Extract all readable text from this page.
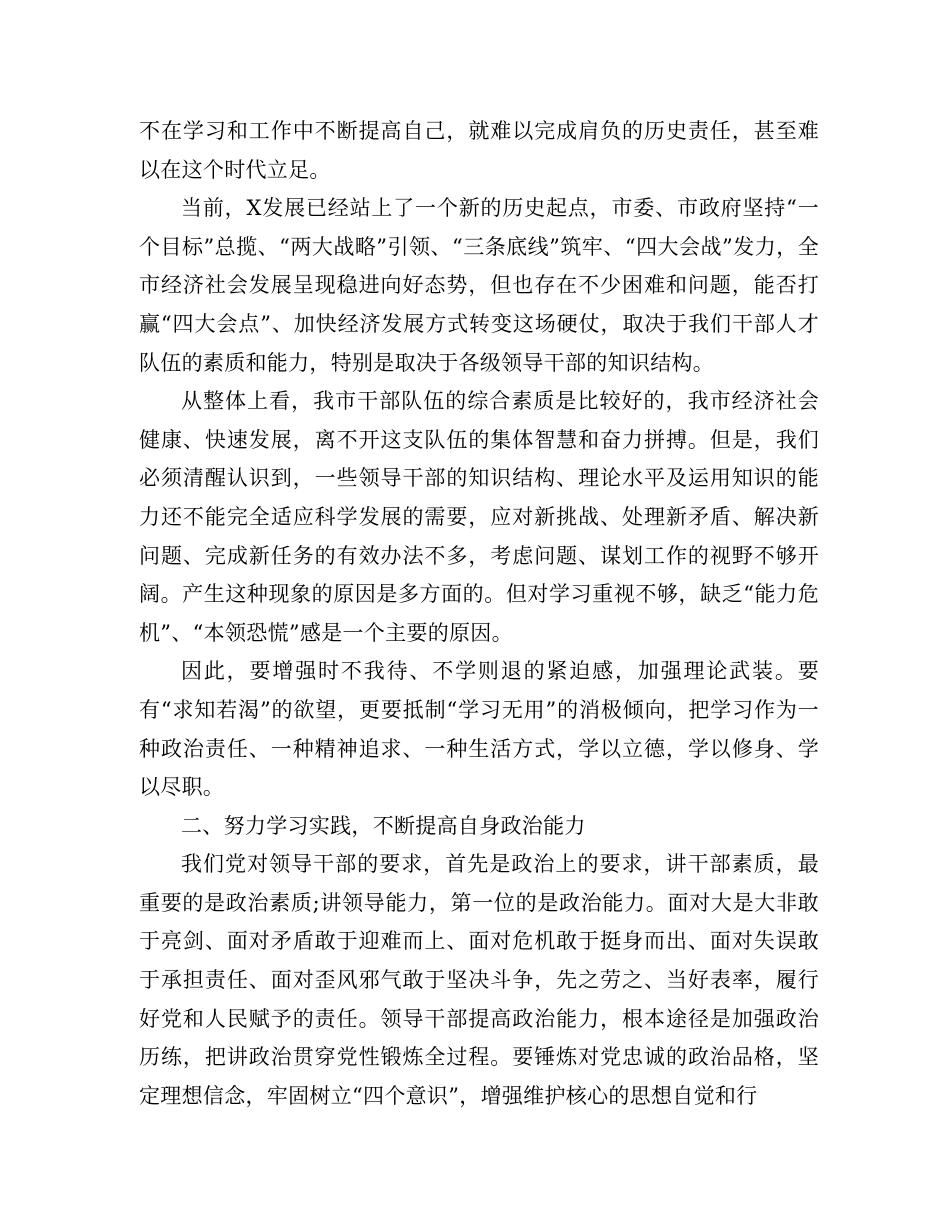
不在学习和工作中不断提高自己，就难以完成肩负的历史责任，甚至难以在这个时代立足。

当前，X发展已经站上了一个新的历史起点，市委、市政府坚持“一个目标”总揽、“两大战略”引领、“三条底线”筑牢、“四大会战”发力，全市经济社会发展呈现稳进向好态势，但也存在不少困难和问题，能否打赢“四大会点”、加快经济发展方式转变这场硬仗，取决于我们干部人才队伍的素质和能力，特别是取决于各级领导干部的知识结构。

从整体上看，我市干部队伍的综合素质是比较好的，我市经济社会健康、快速发展，离不开这支队伍的集体智慧和奋力拼搏。但是，我们必须清醒认识到，一些领导干部的知识结构、理论水平及运用知识的能力还不能完全适应科学发展的需要，应对新挑战、处理新矛盾、解决新问题、完成新任务的有效办法不多，考虑问题、谋划工作的视野不够开阔。产生这种现象的原因是多方面的。但对学习重视不够，缺乏“能力危机”、“本领恐慌”感是一个主要的原因。

因此，要增强时不我待、不学则退的紧迫感，加强理论武装。要有“求知若渴”的欲望，更要抵制“学习无用”的消极倾向，把学习作为一种政治责任、一种精神追求、一种生活方式，学以立德，学以修身、学以尽职。

二、努力学习实践，不断提高自身政治能力

我们党对领导干部的要求，首先是政治上的要求，讲干部素质，最重要的是政治素质;讲领导能力，第一位的是政治能力。面对大是大非敢于亮剑、面对矛盾敢于迎难而上、面对危机敢于挺身而出、面对失误敢于承担责任、面对歪风邪气敢于坚决斗争，先之劳之、当好表率，履行好党和人民赋予的责任。领导干部提高政治能力，根本途径是加强政治历练，把讲政治贯穿党性锻炼全过程。要锤炼对党忠诚的政治品格，坚定理想信念，牢固树立“四个意识”，增强维护核心的思想自觉和行
